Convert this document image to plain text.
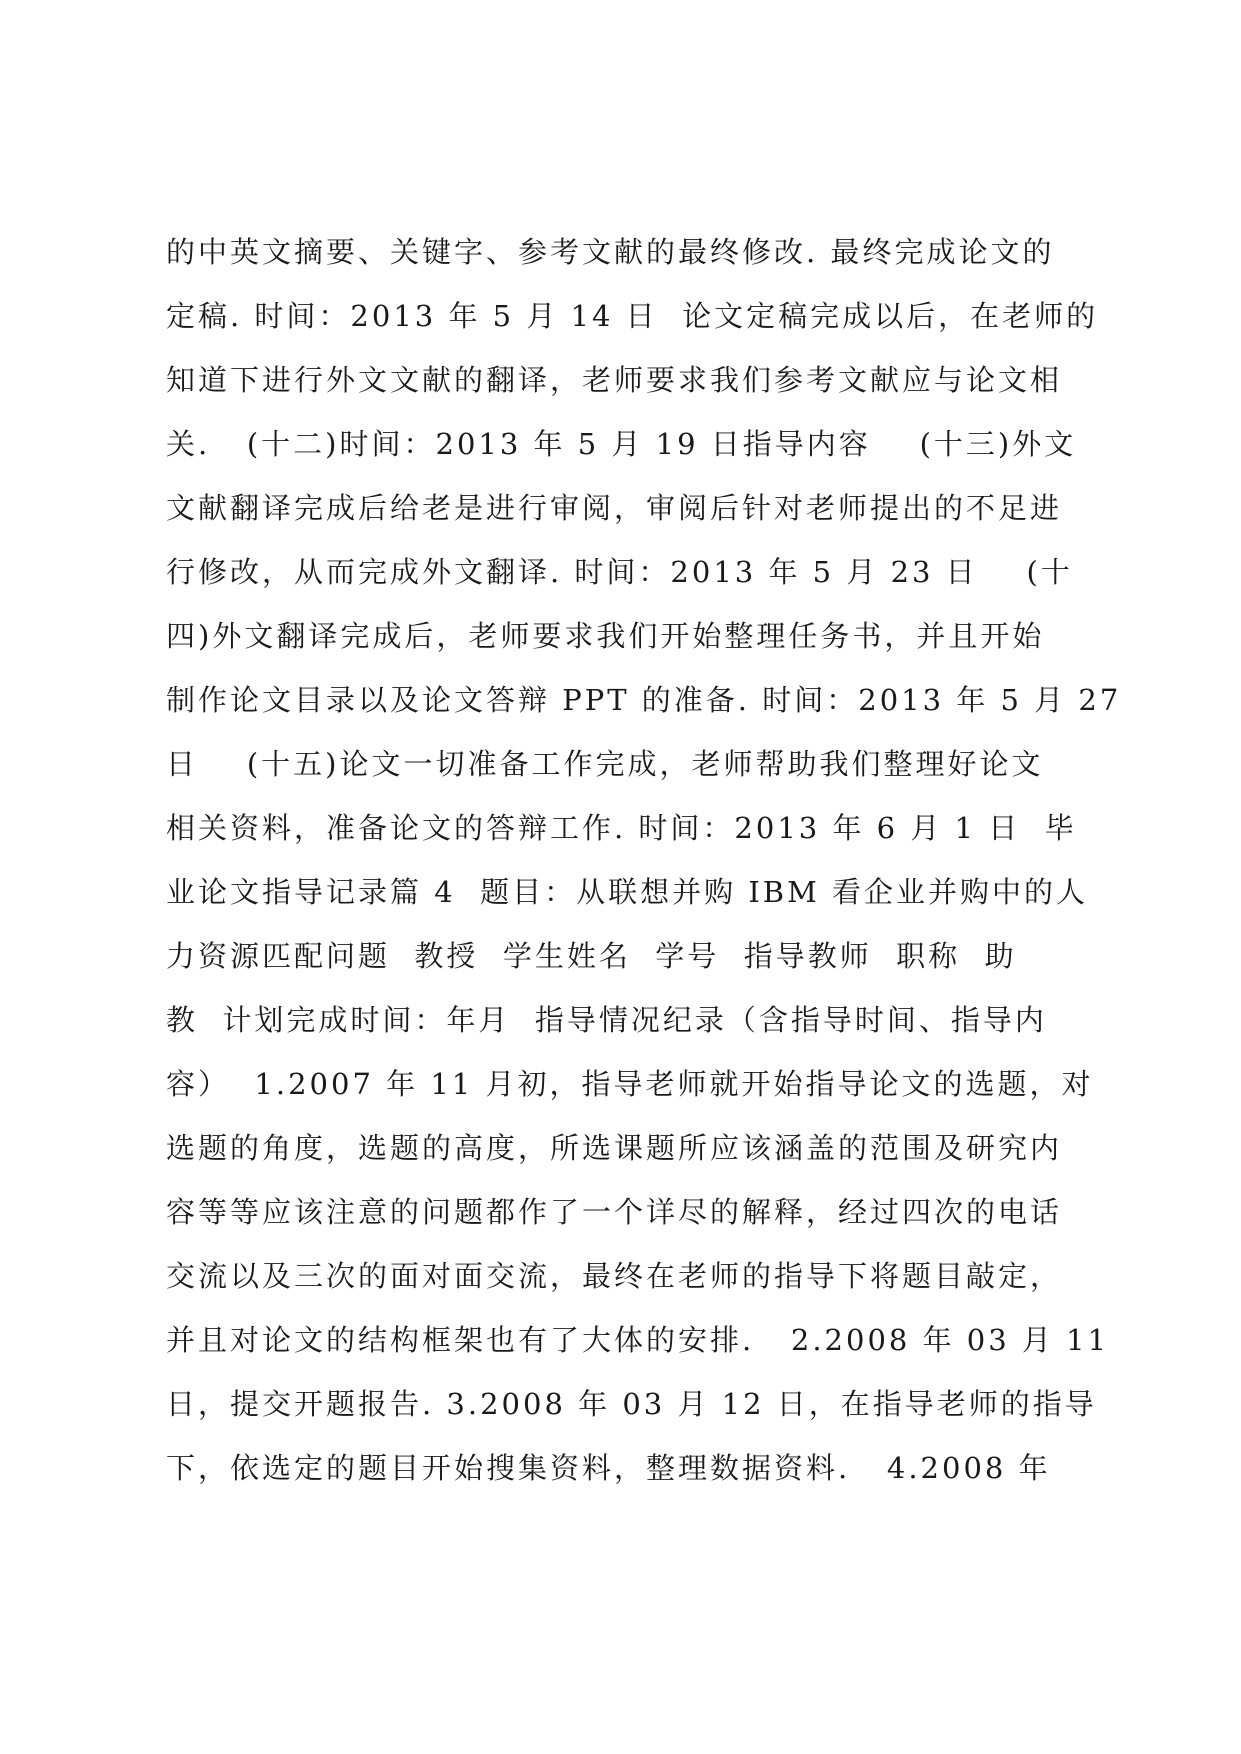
的中英文摘要、关键字、参考文献的最终修改. 最终完成论文的
定稿. 时间：2013 年 5 月 14 日  论文定稿完成以后，在老师的
知道下进行外文文献的翻译，老师要求我们参考文献应与论文相
关.   (十二)时间：2013 年 5 月 19 日指导内容    (十三)外文
文献翻译完成后给老是进行审阅，审阅后针对老师提出的不足进
行修改，从而完成外文翻译. 时间：2013 年 5 月 23 日    (十
四)外文翻译完成后，老师要求我们开始整理任务书，并且开始
制作论文目录以及论文答辩 PPT 的准备. 时间：2013 年 5 月 27
日    (十五)论文一切准备工作完成，老师帮助我们整理好论文
相关资料，准备论文的答辩工作. 时间：2013 年 6 月 1 日  毕
业论文指导记录篇 4  题目：从联想并购 IBM 看企业并购中的人
力资源匹配问题  教授  学生姓名  学号  指导教师  职称  助
教  计划完成时间：年月  指导情况纪录（含指导时间、指导内
容）  1.2007 年 11 月初，指导老师就开始指导论文的选题，对
选题的角度，选题的高度，所选课题所应该涵盖的范围及研究内
容等等应该注意的问题都作了一个详尽的解释，经过四次的电话
交流以及三次的面对面交流，最终在老师的指导下将题目敲定，
并且对论文的结构框架也有了大体的安排.   2.2008 年 03 月 11
日，提交开题报告. 3.2008 年 03 月 12 日，在指导老师的指导
下，依选定的题目开始搜集资料，整理数据资料.   4.2008 年
